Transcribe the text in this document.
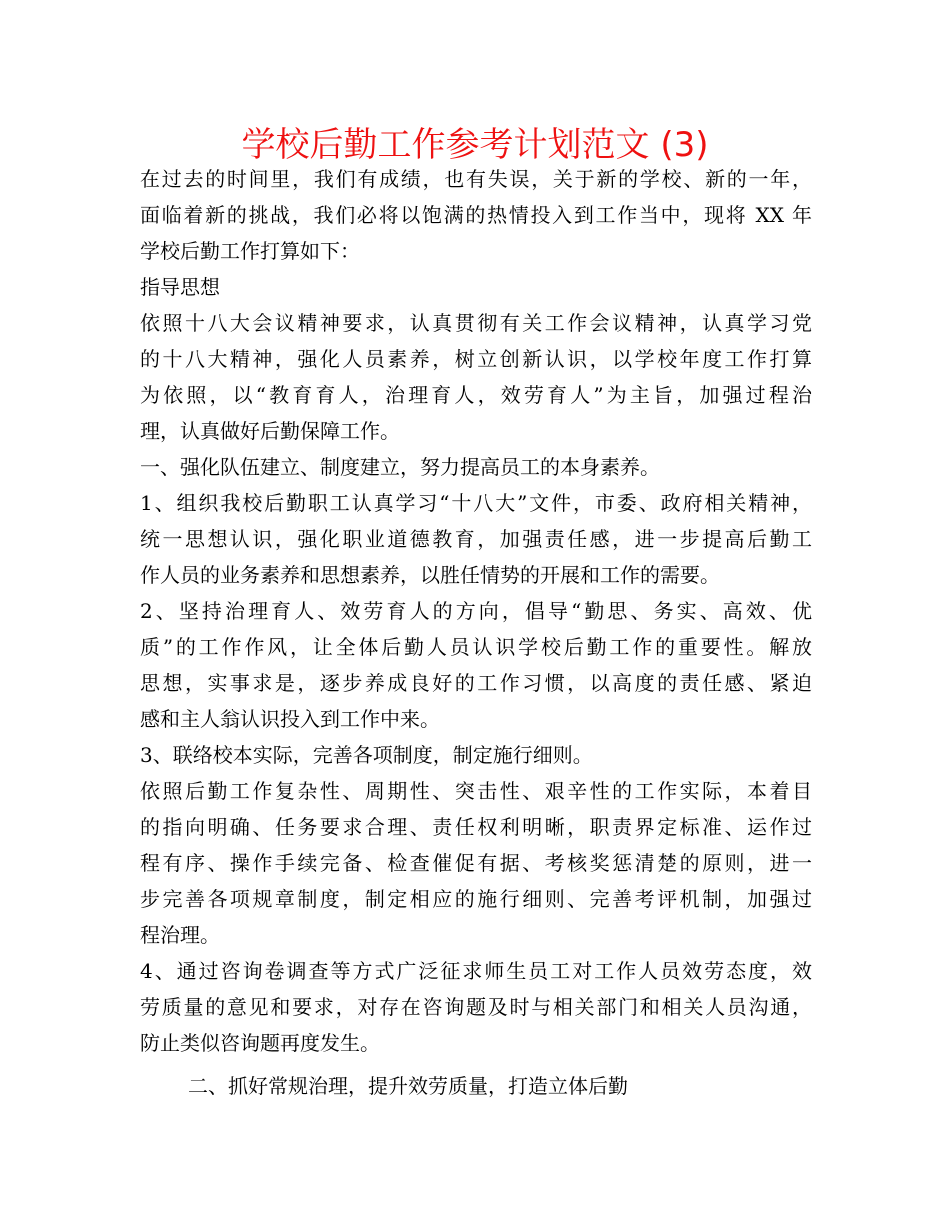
学校后勤工作参考计划范文 (3)
在过去的时间里，我们有成绩，也有失误，关于新的学校、新的一年，
面临着新的挑战，我们必将以饱满的热情投入到工作当中，现将 XX 年
学校后勤工作打算如下：
指导思想
依照十八大会议精神要求，认真贯彻有关工作会议精神，认真学习党
的十八大精神，强化人员素养，树立创新认识，以学校年度工作打算
为依照，以“教育育人，治理育人，效劳育人”为主旨，加强过程治
理，认真做好后勤保障工作。
一、强化队伍建立、制度建立，努力提高员工的本身素养。
1、组织我校后勤职工认真学习“十八大”文件，市委、政府相关精神，
统一思想认识，强化职业道德教育，加强责任感，进一步提高后勤工
作人员的业务素养和思想素养，以胜任情势的开展和工作的需要。
2、坚持治理育人、效劳育人的方向，倡导“勤思、务实、高效、优
质”的工作作风，让全体后勤人员认识学校后勤工作的重要性。解放
思想，实事求是，逐步养成良好的工作习惯，以高度的责任感、紧迫
感和主人翁认识投入到工作中来。
3、联络校本实际，完善各项制度，制定施行细则。
依照后勤工作复杂性、周期性、突击性、艰辛性的工作实际，本着目
的指向明确、任务要求合理、责任权利明晰，职责界定标准、运作过
程有序、操作手续完备、检查催促有据、考核奖惩清楚的原则，进一
步完善各项规章制度，制定相应的施行细则、完善考评机制，加强过
程治理。
4、通过咨询卷调查等方式广泛征求师生员工对工作人员效劳态度，效
劳质量的意见和要求，对存在咨询题及时与相关部门和相关人员沟通，
防止类似咨询题再度发生。
二、抓好常规治理，提升效劳质量，打造立体后勤
